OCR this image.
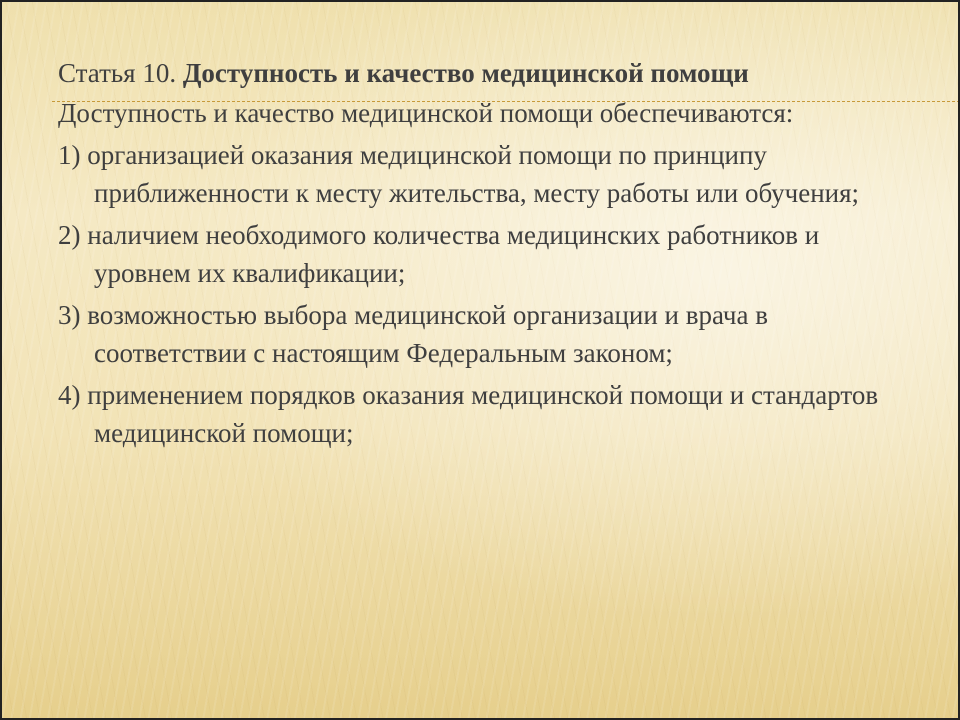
Статья 10. Доступность и качество медицинской помощи
Доступность и качество медицинской помощи обеспечиваются:
1) организацией оказания медицинской помощи по принципу приближенности к месту жительства, месту работы или обучения;
2) наличием необходимого количества медицинских работников и уровнем их квалификации;
3) возможностью выбора медицинской организации и врача в соответствии с настоящим Федеральным законом;
4) применением порядков оказания медицинской помощи и стандартов медицинской помощи;
